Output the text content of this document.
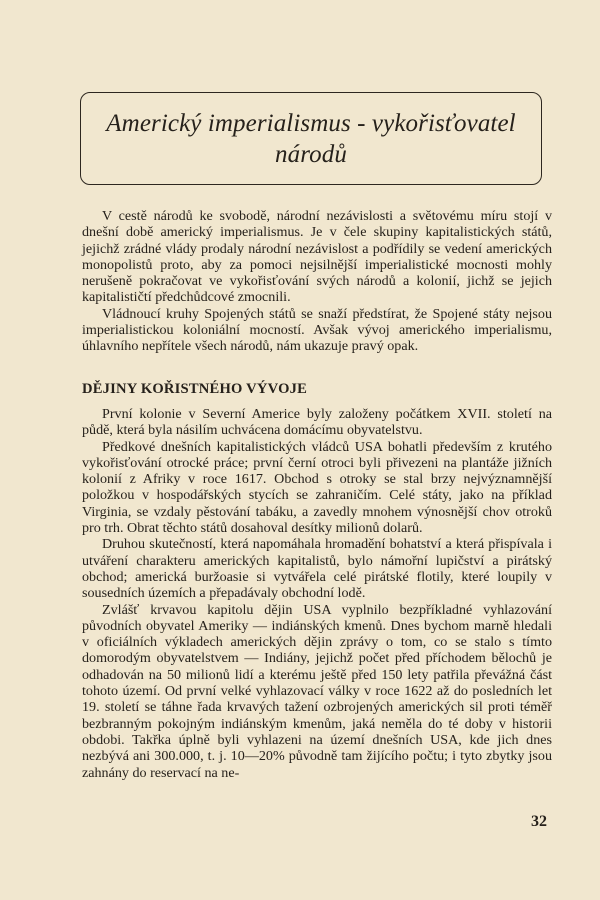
Americký imperialismus - vykořisťovatel
národů

V cestě národů ke svobodě, národní nezávislosti a světovému míru stojí v dnešní době americký imperialismus. Je v čele skupiny kapitalistických států, jejichž zrádné vlády prodaly národní nezávislost a podřídily se vedení amerických monopolistů proto, aby za pomoci nejsilnější imperialistické mocnosti mohly nerušeně pokračovat ve vykořisťování svých národů a kolonií, jichž se jejich kapitalističtí předchůdcové zmocnili.

Vládnoucí kruhy Spojených států se snaží předstírat, že Spojené státy nejsou imperialistickou koloniální mocností. Avšak vývoj amerického imperialismu, úhlavního nepřítele všech národů, nám ukazuje pravý opak.

DĚJINY KOŘISTNÉHO VÝVOJE

První kolonie v Severní Americe byly založeny počátkem XVII. století na půdě, která byla násilím uchvácena domácímu obyvatelstvu.

Předkové dnešních kapitalistických vládců USA bohatli především z krutého vykořisťování otrocké práce; první černí otroci byli přivezeni na plantáže jižních kolonií z Afriky v roce 1617. Obchod s otroky se stal brzy nejvýznamnější položkou v hospodářských stycích se zahraničím. Celé státy, jako na příklad Virginia, se vzdaly pěstování tabáku, a zavedly mnohem výnosnější chov otroků pro trh. Obrat těchto států dosahoval desítky milionů dolarů.

Druhou skutečností, která napomáhala hromadění bohatství a která přispívala i utváření charakteru amerických kapitalistů, bylo námořní lupičství a pirátský obchod; americká buržoasie si vytvářela celé pirátské flotily, které loupily v sousedních územích a přepadávaly obchodní lodě.

Zvlášť krvavou kapitolu dějin USA vyplnilo bezpříkladné vyhlazování původních obyvatel Ameriky — indiánských kmenů. Dnes bychom marně hledali v oficiálních výkladech amerických dějin zprávy o tom, co se stalo s tímto domorodým obyvatelstvem — Indiány, jejichž počet před příchodem bělochů je odhadován na 50 milionů lidí a kterému ještě před 150 lety patřila převážná část tohoto území. Od první velké vyhlazovací války v roce 1622 až do posledních let 19. století se táhne řada krvavých tažení ozbrojených amerických sil proti téměř bezbranným pokojným indiánským kmenům, jaká neměla do té doby v historii obdobi. Takřka úplně byli vyhlazeni na území dnešních USA, kde jich dnes nezbývá ani 300.000, t. j. 10—20% původně tam žijícího počtu; i tyto zbytky jsou zahnány do reservací na ne-

32
